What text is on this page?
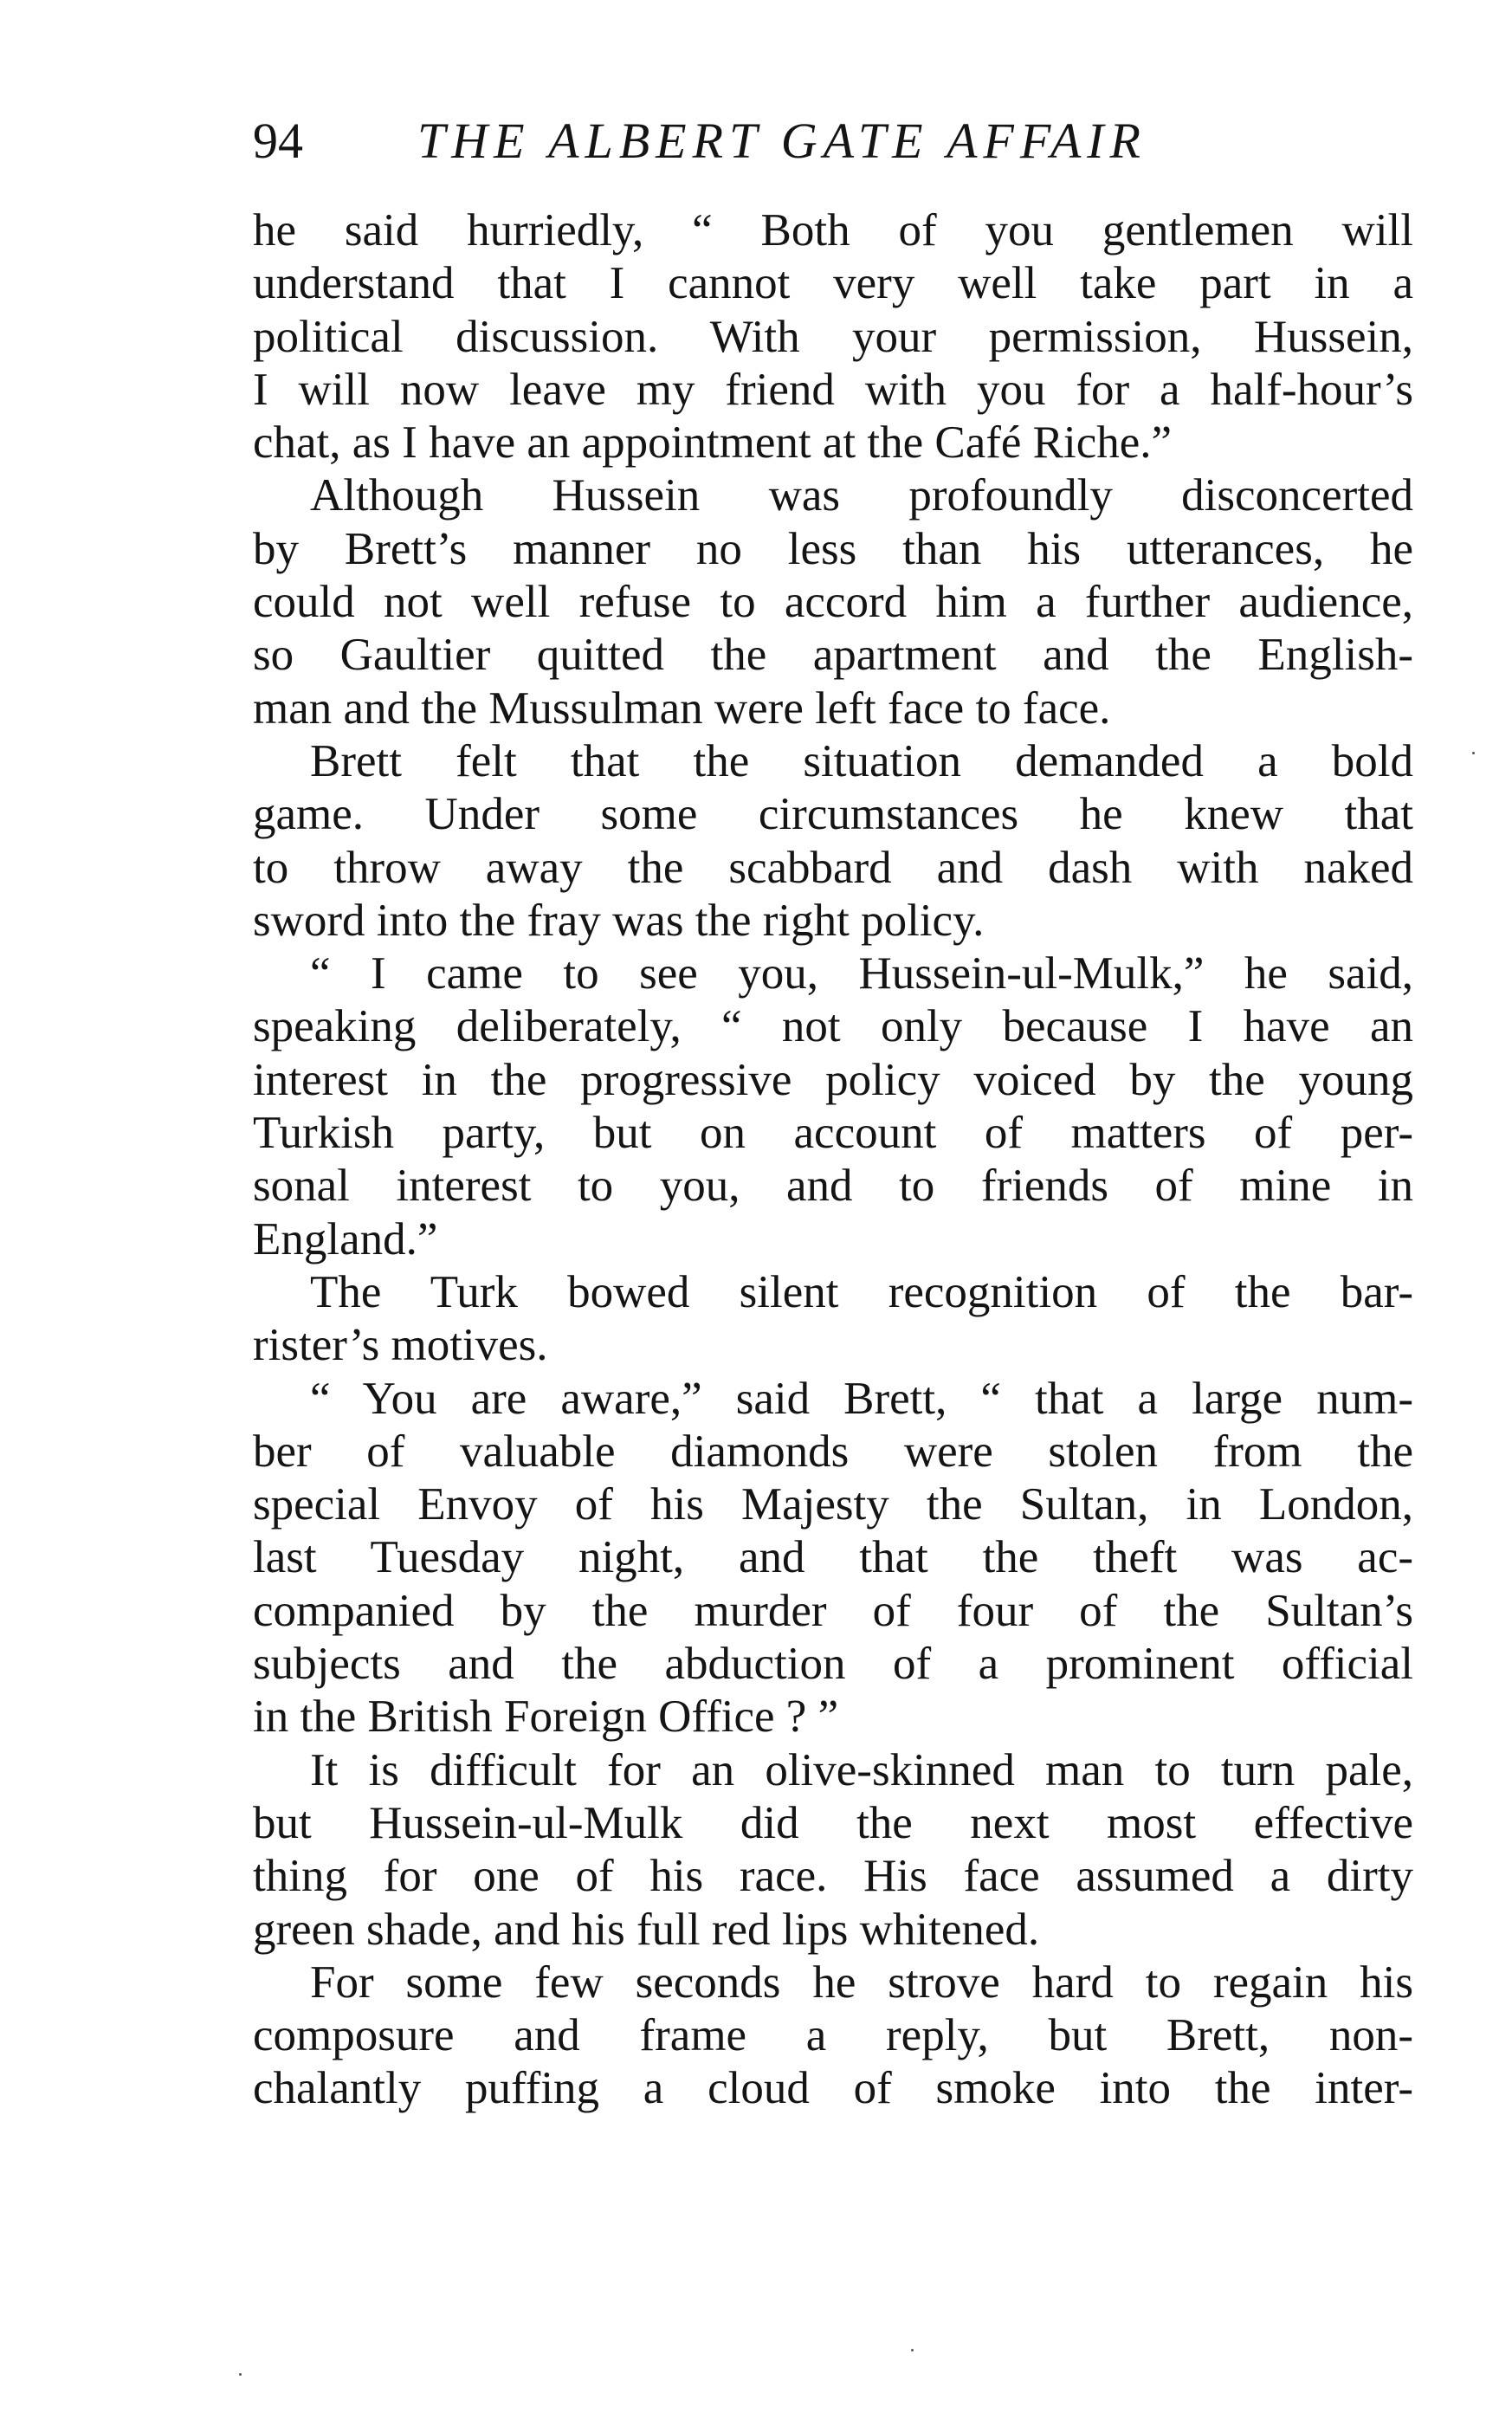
94 THE ALBERT GATE AFFAIR
he said hurriedly, “ Both of you gentlemen will
understand that I cannot very well take part in a
political discussion. With your permission, Hussein,
I will now leave my friend with you for a half-hour’s
chat, as I have an appointment at the Café Riche.”
Although Hussein was profoundly disconcerted
by Brett’s manner no less than his utterances, he
could not well refuse to accord him a further audience,
so Gaultier quitted the apartment and the English-
man and the Mussulman were left face to face.
Brett felt that the situation demanded a bold
game. Under some circumstances he knew that
to throw away the scabbard and dash with naked
sword into the fray was the right policy.
“ I came to see you, Hussein-ul-Mulk,” he said,
speaking deliberately, “ not only because I have an
interest in the progressive policy voiced by the young
Turkish party, but on account of matters of per-
sonal interest to you, and to friends of mine in
England.”
The Turk bowed silent recognition of the bar-
rister’s motives.
“ You are aware,” said Brett, “ that a large num-
ber of valuable diamonds were stolen from the
special Envoy of his Majesty the Sultan, in London,
last Tuesday night, and that the theft was ac-
companied by the murder of four of the Sultan’s
subjects and the abduction of a prominent official
in the British Foreign Office ? ”
It is difficult for an olive-skinned man to turn pale,
but Hussein-ul-Mulk did the next most effective
thing for one of his race. His face assumed a dirty
green shade, and his full red lips whitened.
For some few seconds he strove hard to regain his
composure and frame a reply, but Brett, non-
chalantly puffing a cloud of smoke into the inter-
